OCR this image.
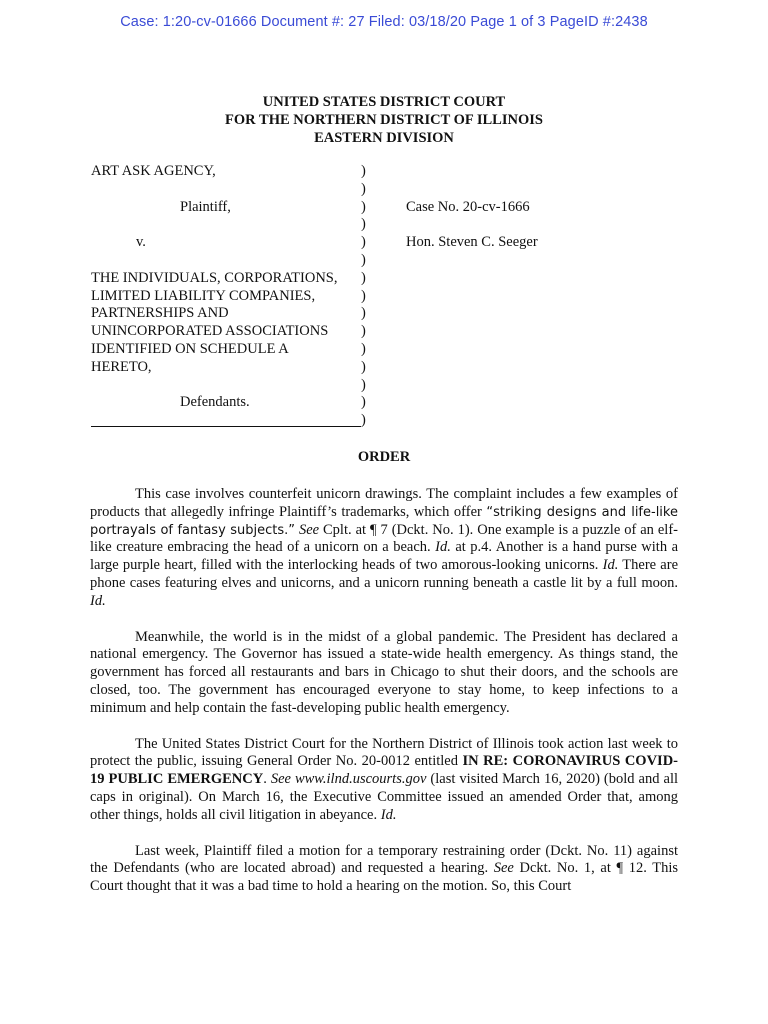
Case: 1:20-cv-01666 Document #: 27 Filed: 03/18/20 Page 1 of 3 PageID #:2438
UNITED STATES DISTRICT COURT
FOR THE NORTHERN DISTRICT OF ILLINOIS
EASTERN DIVISION
ART ASK AGENCY,	)
)
Plaintiff,	)	Case No. 20-cv-1666
)
v.	)	Hon. Steven C. Seeger
)
THE INDIVIDUALS, CORPORATIONS, )
LIMITED LIABILITY COMPANIES,	)
PARTNERSHIPS AND	)
UNINCORPORATED ASSOCIATIONS )
IDENTIFIED ON SCHEDULE A	)
HERETO,	)
)
Defendants.	)
)
ORDER

This case involves counterfeit unicorn drawings. The complaint includes a few examples of products that allegedly infringe Plaintiff’s trademarks, which offer “striking designs and life-like portrayals of fantasy subjects.” See Cplt. at ¶ 7 (Dckt. No. 1). One example is a puzzle of an elf-like creature embracing the head of a unicorn on a beach. Id. at p.4. Another is a hand purse with a large purple heart, filled with the interlocking heads of two amorous-looking unicorns. Id. There are phone cases featuring elves and unicorns, and a unicorn running beneath a castle lit by a full moon. Id.

Meanwhile, the world is in the midst of a global pandemic. The President has declared a national emergency. The Governor has issued a state-wide health emergency. As things stand, the government has forced all restaurants and bars in Chicago to shut their doors, and the schools are closed, too. The government has encouraged everyone to stay home, to keep infections to a minimum and help contain the fast-developing public health emergency.

The United States District Court for the Northern District of Illinois took action last week to protect the public, issuing General Order No. 20-0012 entitled IN RE: CORONAVIRUS COVID-19 PUBLIC EMERGENCY. See www.ilnd.uscourts.gov (last visited March 16, 2020) (bold and all caps in original). On March 16, the Executive Committee issued an amended Order that, among other things, holds all civil litigation in abeyance. Id.

Last week, Plaintiff filed a motion for a temporary restraining order (Dckt. No. 11) against the Defendants (who are located abroad) and requested a hearing. See Dckt. No. 1, at ¶ 12. This Court thought that it was a bad time to hold a hearing on the motion. So, this Court
